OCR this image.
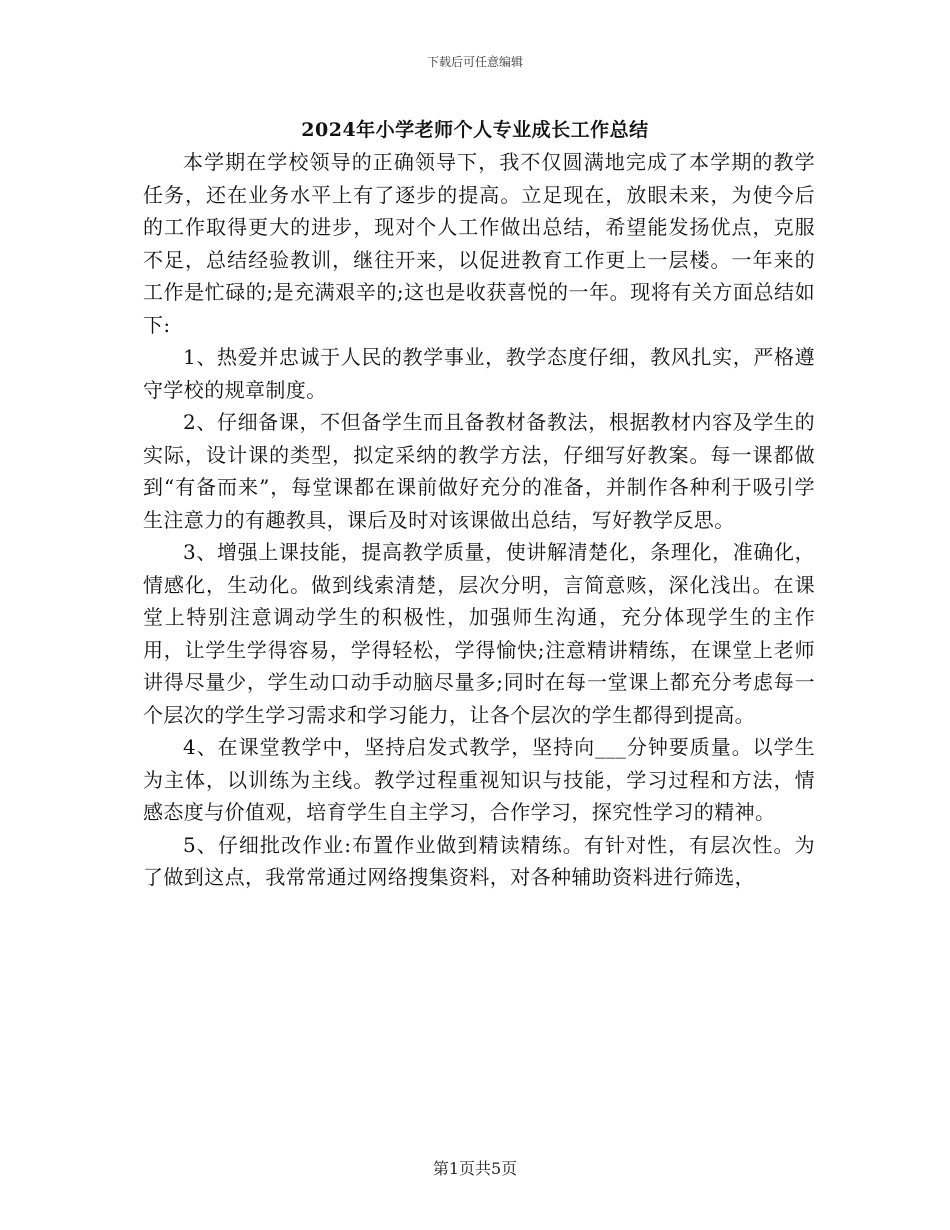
下载后可任意编辑
2024年小学老师个人专业成长工作总结

本学期在学校领导的正确领导下，我不仅圆满地完成了本学期的教学任务，还在业务水平上有了逐步的提高。立足现在，放眼未来，为使今后的工作取得更大的进步，现对个人工作做出总结，希望能发扬优点，克服不足，总结经验教训，继往开来，以促进教育工作更上一层楼。一年来的工作是忙碌的;是充满艰辛的;这也是收获喜悦的一年。现将有关方面总结如下:

1、热爱并忠诚于人民的教学事业，教学态度仔细，教风扎实，严格遵守学校的规章制度。

2、仔细备课，不但备学生而且备教材备教法，根据教材内容及学生的实际，设计课的类型，拟定采纳的教学方法，仔细写好教案。每一课都做到“有备而来”，每堂课都在课前做好充分的准备，并制作各种利于吸引学生注意力的有趣教具，课后及时对该课做出总结，写好教学反思。

3、增强上课技能，提高教学质量，使讲解清楚化，条理化，准确化，情感化，生动化。做到线索清楚，层次分明，言简意赅，深化浅出。在课堂上特别注意调动学生的积极性，加强师生沟通，充分体现学生的主作用，让学生学得容易，学得轻松，学得愉快;注意精讲精练，在课堂上老师讲得尽量少，学生动口动手动脑尽量多;同时在每一堂课上都充分考虑每一个层次的学生学习需求和学习能力，让各个层次的学生都得到提高。

4、在课堂教学中，坚持启发式教学，坚持向___分钟要质量。以学生为主体，以训练为主线。教学过程重视知识与技能，学习过程和方法，情感态度与价值观，培育学生自主学习，合作学习，探究性学习的精神。

5、仔细批改作业:布置作业做到精读精练。有针对性，有层次性。为了做到这点，我常常通过网络搜集资料，对各种辅助资料进行筛选，

第1页共5页
